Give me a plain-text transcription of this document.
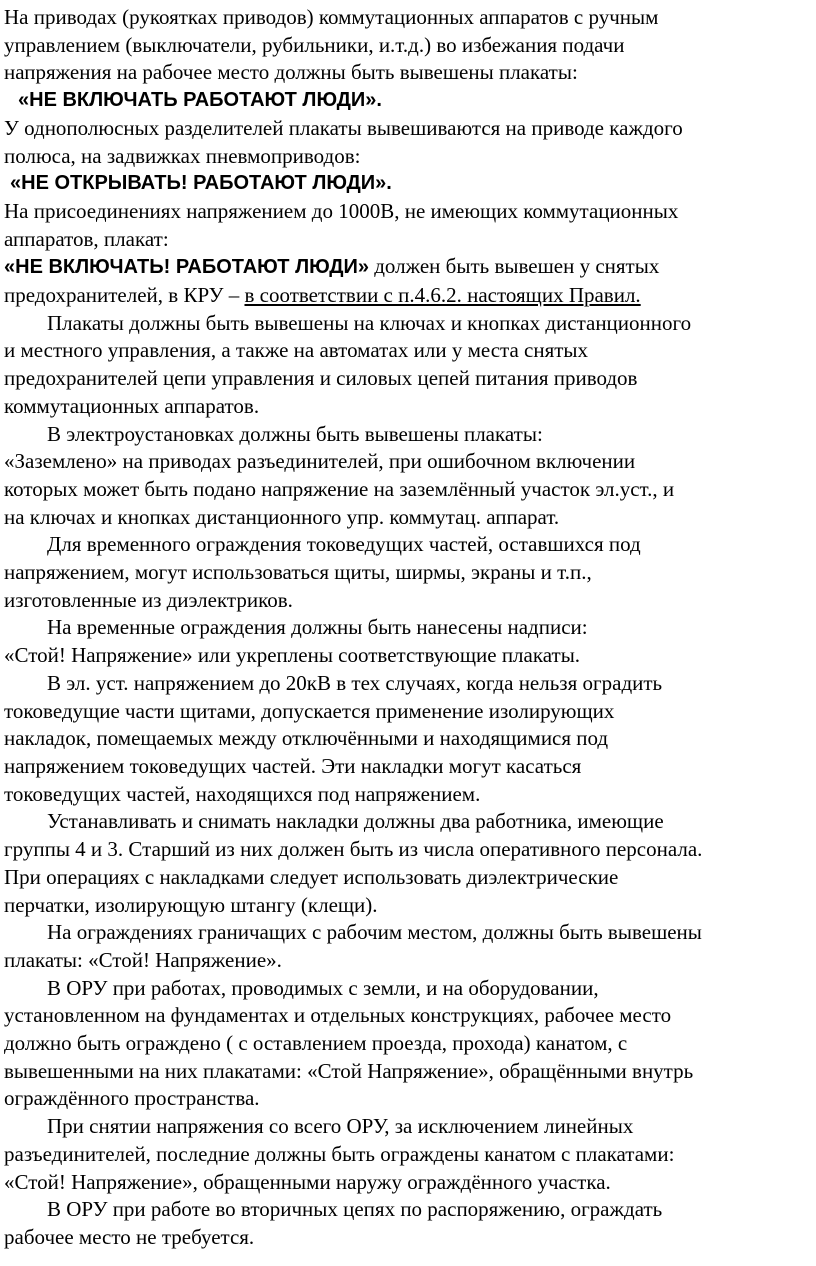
На приводах (рукоятках приводов) коммутационных аппаратов с ручным

управлением (выключатели, рубильники, и.т.д.) во избежания подачи

напряжения на рабочее место должны быть вывешены плакаты:

«НЕ ВКЛЮЧАТЬ РАБОТАЮТ ЛЮДИ».

У однополюсных разделителей плакаты вывешиваются на приводе каждого

полюса, на задвижках пневмоприводов:

«НЕ ОТКРЫВАТЬ! РАБОТАЮТ ЛЮДИ».

На присоединениях напряжением до 1000В, не имеющих коммутационных

аппаратов, плакат:

«НЕ ВКЛЮЧАТЬ! РАБОТАЮТ ЛЮДИ» должен быть вывешен у снятых

предохранителей, в КРУ – в соответствии с п.4.6.2. настоящих Правил.

Плакаты должны быть вывешены на ключах и кнопках дистанционного

и местного управления, а также на автоматах или у места снятых

предохранителей цепи управления и силовых цепей питания приводов

коммутационных аппаратов.

В электроустановках должны быть вывешены плакаты:

«Заземлено» на приводах разъединителей, при ошибочном включении

которых может быть подано напряжение на заземлённый участок эл.уст., и

на ключах и кнопках дистанционного упр. коммутац. аппарат.

Для временного ограждения токоведущих частей, оставшихся под

напряжением, могут использоваться щиты, ширмы, экраны и т.п.,

изготовленные из диэлектриков.

На временные ограждения должны быть нанесены надписи:

«Стой! Напряжение» или укреплены соответствующие плакаты.

В эл. уст. напряжением до 20кВ в тех случаях, когда нельзя оградить

токоведущие части щитами, допускается применение изолирующих

накладок, помещаемых между отключёнными и находящимися под

напряжением токоведущих частей. Эти накладки могут касаться

токоведущих частей, находящихся под напряжением.

Устанавливать и снимать накладки должны два работника, имеющие

группы 4 и 3. Старший из них должен быть из числа оперативного персонала.

При операциях с накладками следует использовать диэлектрические

перчатки, изолирующую штангу (клещи).

На ограждениях граничащих с рабочим местом, должны быть вывешены

плакаты: «Стой! Напряжение».

В ОРУ при работах, проводимых с земли, и на оборудовании,

установленном на фундаментах и отдельных конструкциях, рабочее место

должно быть ограждено ( с оставлением проезда, прохода) канатом, с

вывешенными на них плакатами: «Стой Напряжение», обращёнными внутрь

ограждённого пространства.

При снятии напряжения со всего ОРУ, за исключением линейных

разъединителей, последние должны быть ограждены канатом с плакатами:

«Стой! Напряжение», обращенными наружу ограждённого участка.

В ОРУ при работе во вторичных цепях по распоряжению, ограждать

рабочее место не требуется.
